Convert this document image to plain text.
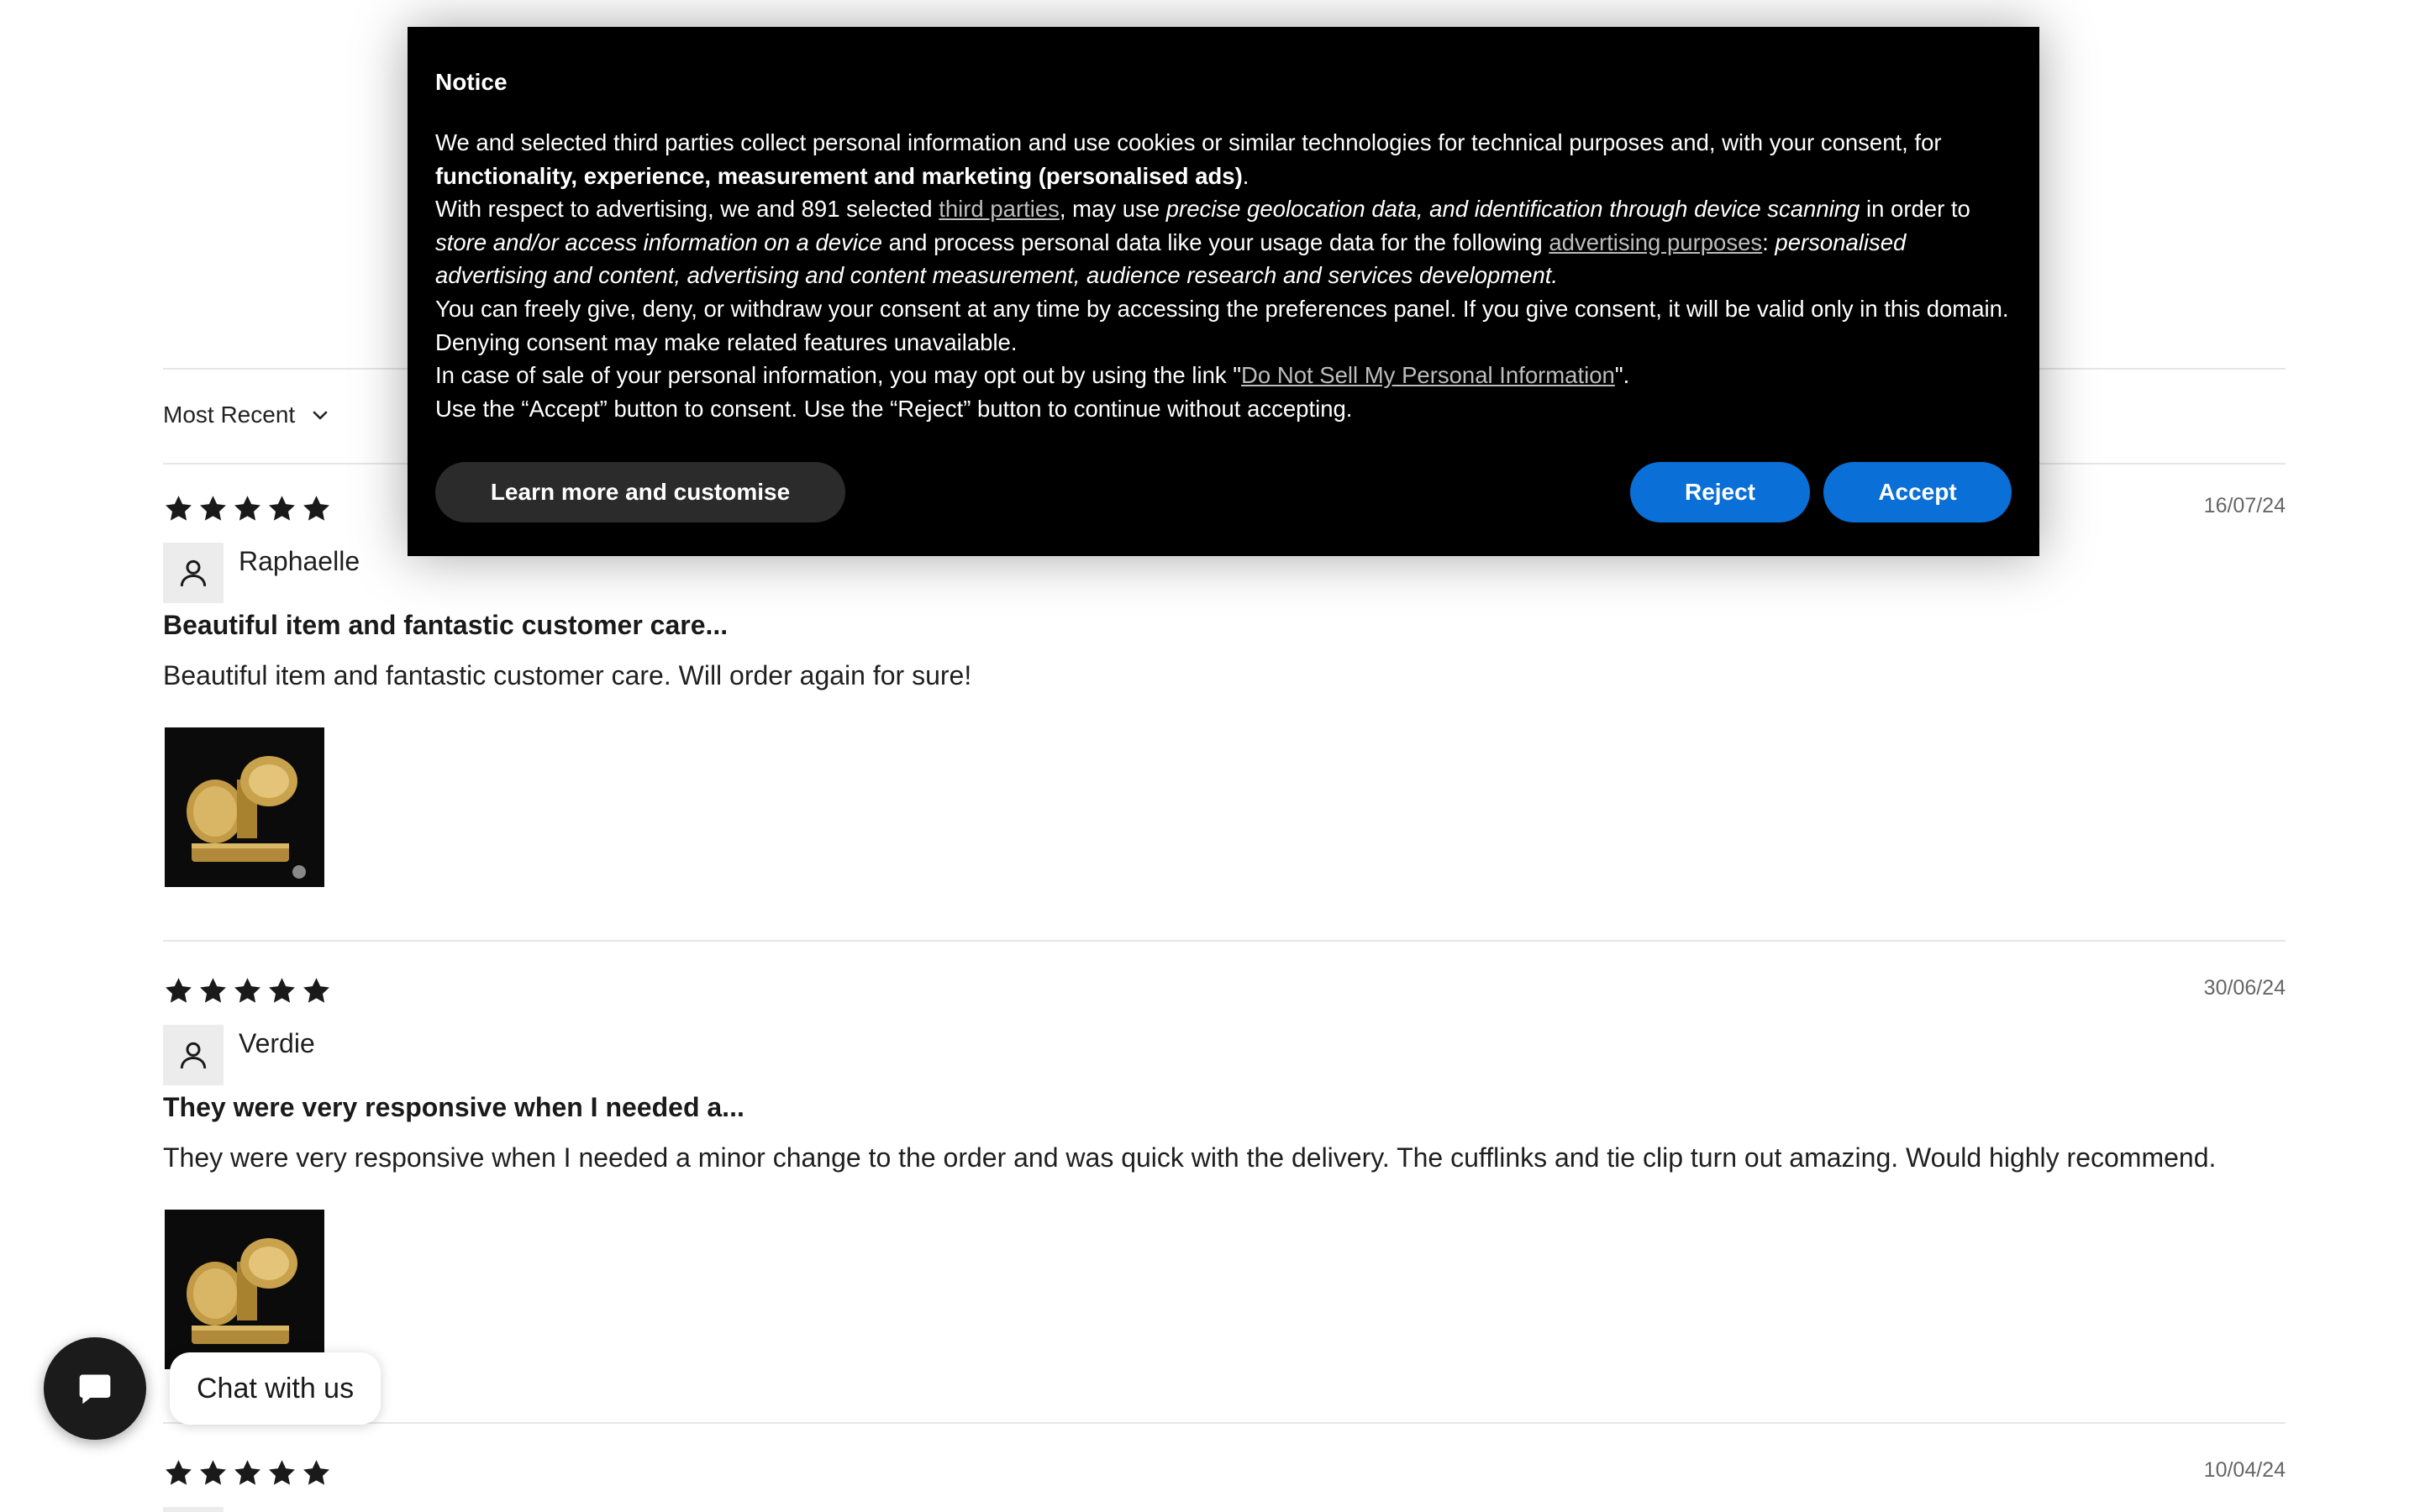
Most Recent
16/07/24
Raphaelle
Beautiful item and fantastic customer care...
Beautiful item and fantastic customer care. Will order again for sure!
30/06/24
Verdie
They were very responsive when I needed a...
They were very responsive when I needed a minor change to the order and was quick with the delivery. The cufflinks and tie clip turn out amazing. Would highly recommend.
10/04/24
Notice

We and selected third parties collect personal information and use cookies or similar technologies for technical purposes and, with your consent, for functionality, experience, measurement and marketing (personalised ads).

With respect to advertising, we and 891 selected third parties, may use precise geolocation data, and identification through device scanning in order to store and/or access information on a device and process personal data like your usage data for the following advertising purposes: personalised advertising and content, advertising and content measurement, audience research and services development.

You can freely give, deny, or withdraw your consent at any time by accessing the preferences panel. If you give consent, it will be valid only in this domain. Denying consent may make related features unavailable.

In case of sale of your personal information, you may opt out by using the link "Do Not Sell My Personal Information".

Use the “Accept” button to consent. Use the “Reject” button to continue without accepting.

Learn more and customise	Reject	Accept
Chat with us
